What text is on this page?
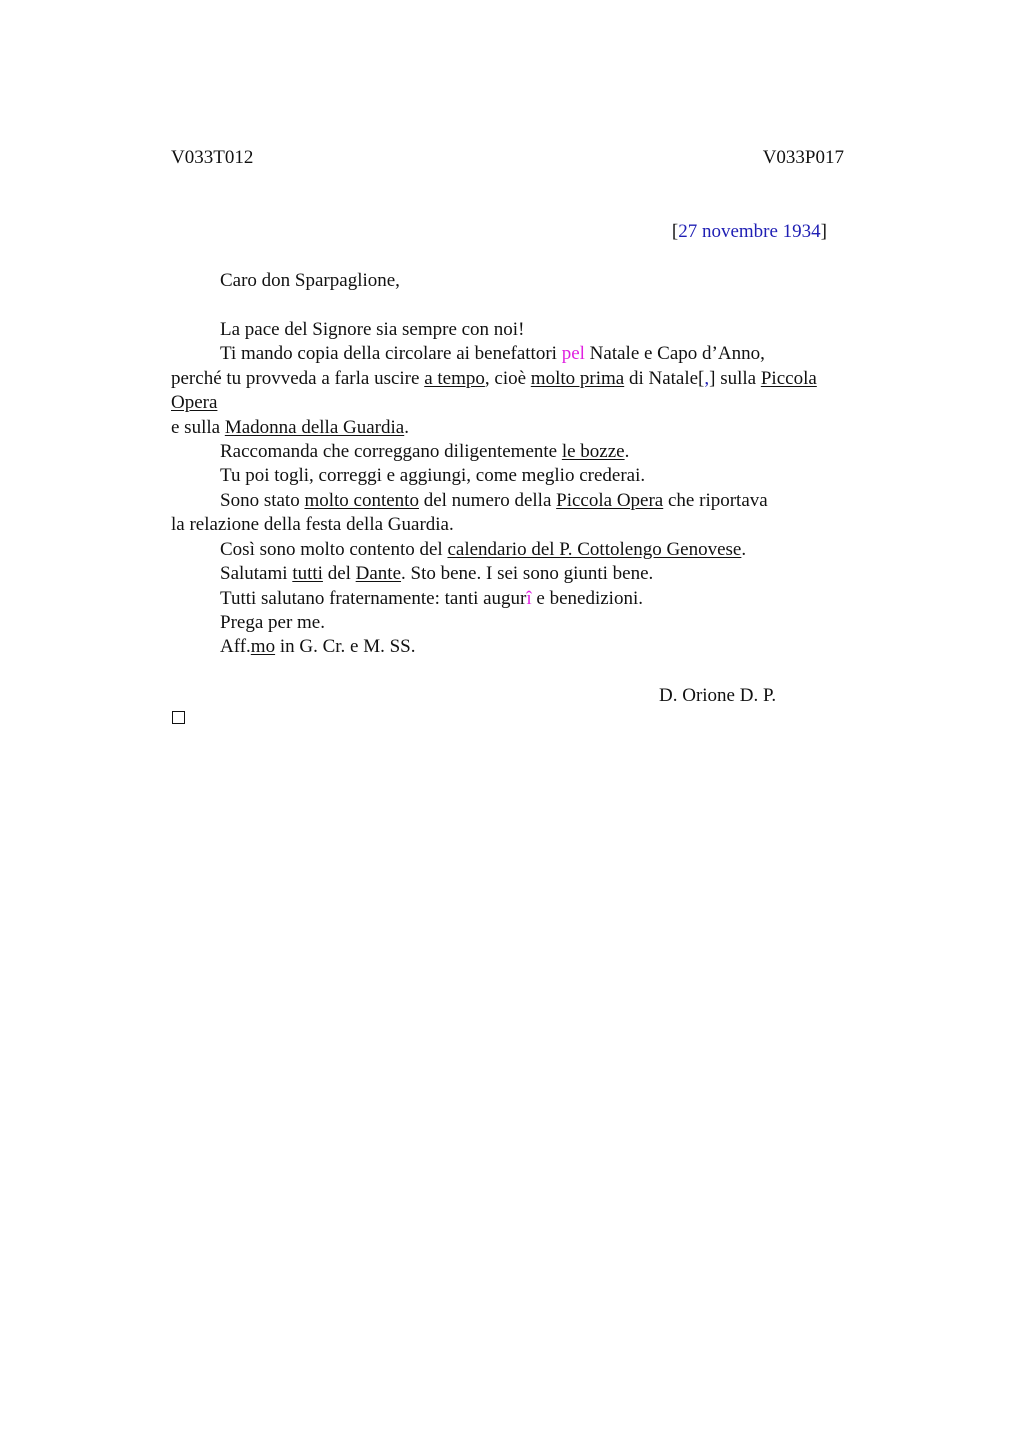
V033T012	V033P017
[27 novembre 1934]
Caro don Sparpaglione,
La pace del Signore sia sempre con noi!
Ti mando copia della circolare ai benefattori pel Natale e Capo d’Anno,
perché tu provveda a farla uscire a tempo, cioè molto prima di Natale[,] sulla Piccola
Opera
e sulla Madonna della Guardia.
Raccomanda che correggano diligentemente le bozze.
Tu poi togli, correggi e aggiungi, come meglio crederai.
Sono stato molto contento del numero della Piccola Opera che riportava
la relazione della festa della Guardia.
Così sono molto contento del calendario del P. Cottolengo Genovese.
Salutami tutti del Dante. Sto bene. I sei sono giunti bene.
Tutti salutano fraternamente: tanti augurî e benedizioni.
Prega per me.
Aff.mo in G. Cr. e M. SS.
D. Orione D. P.
